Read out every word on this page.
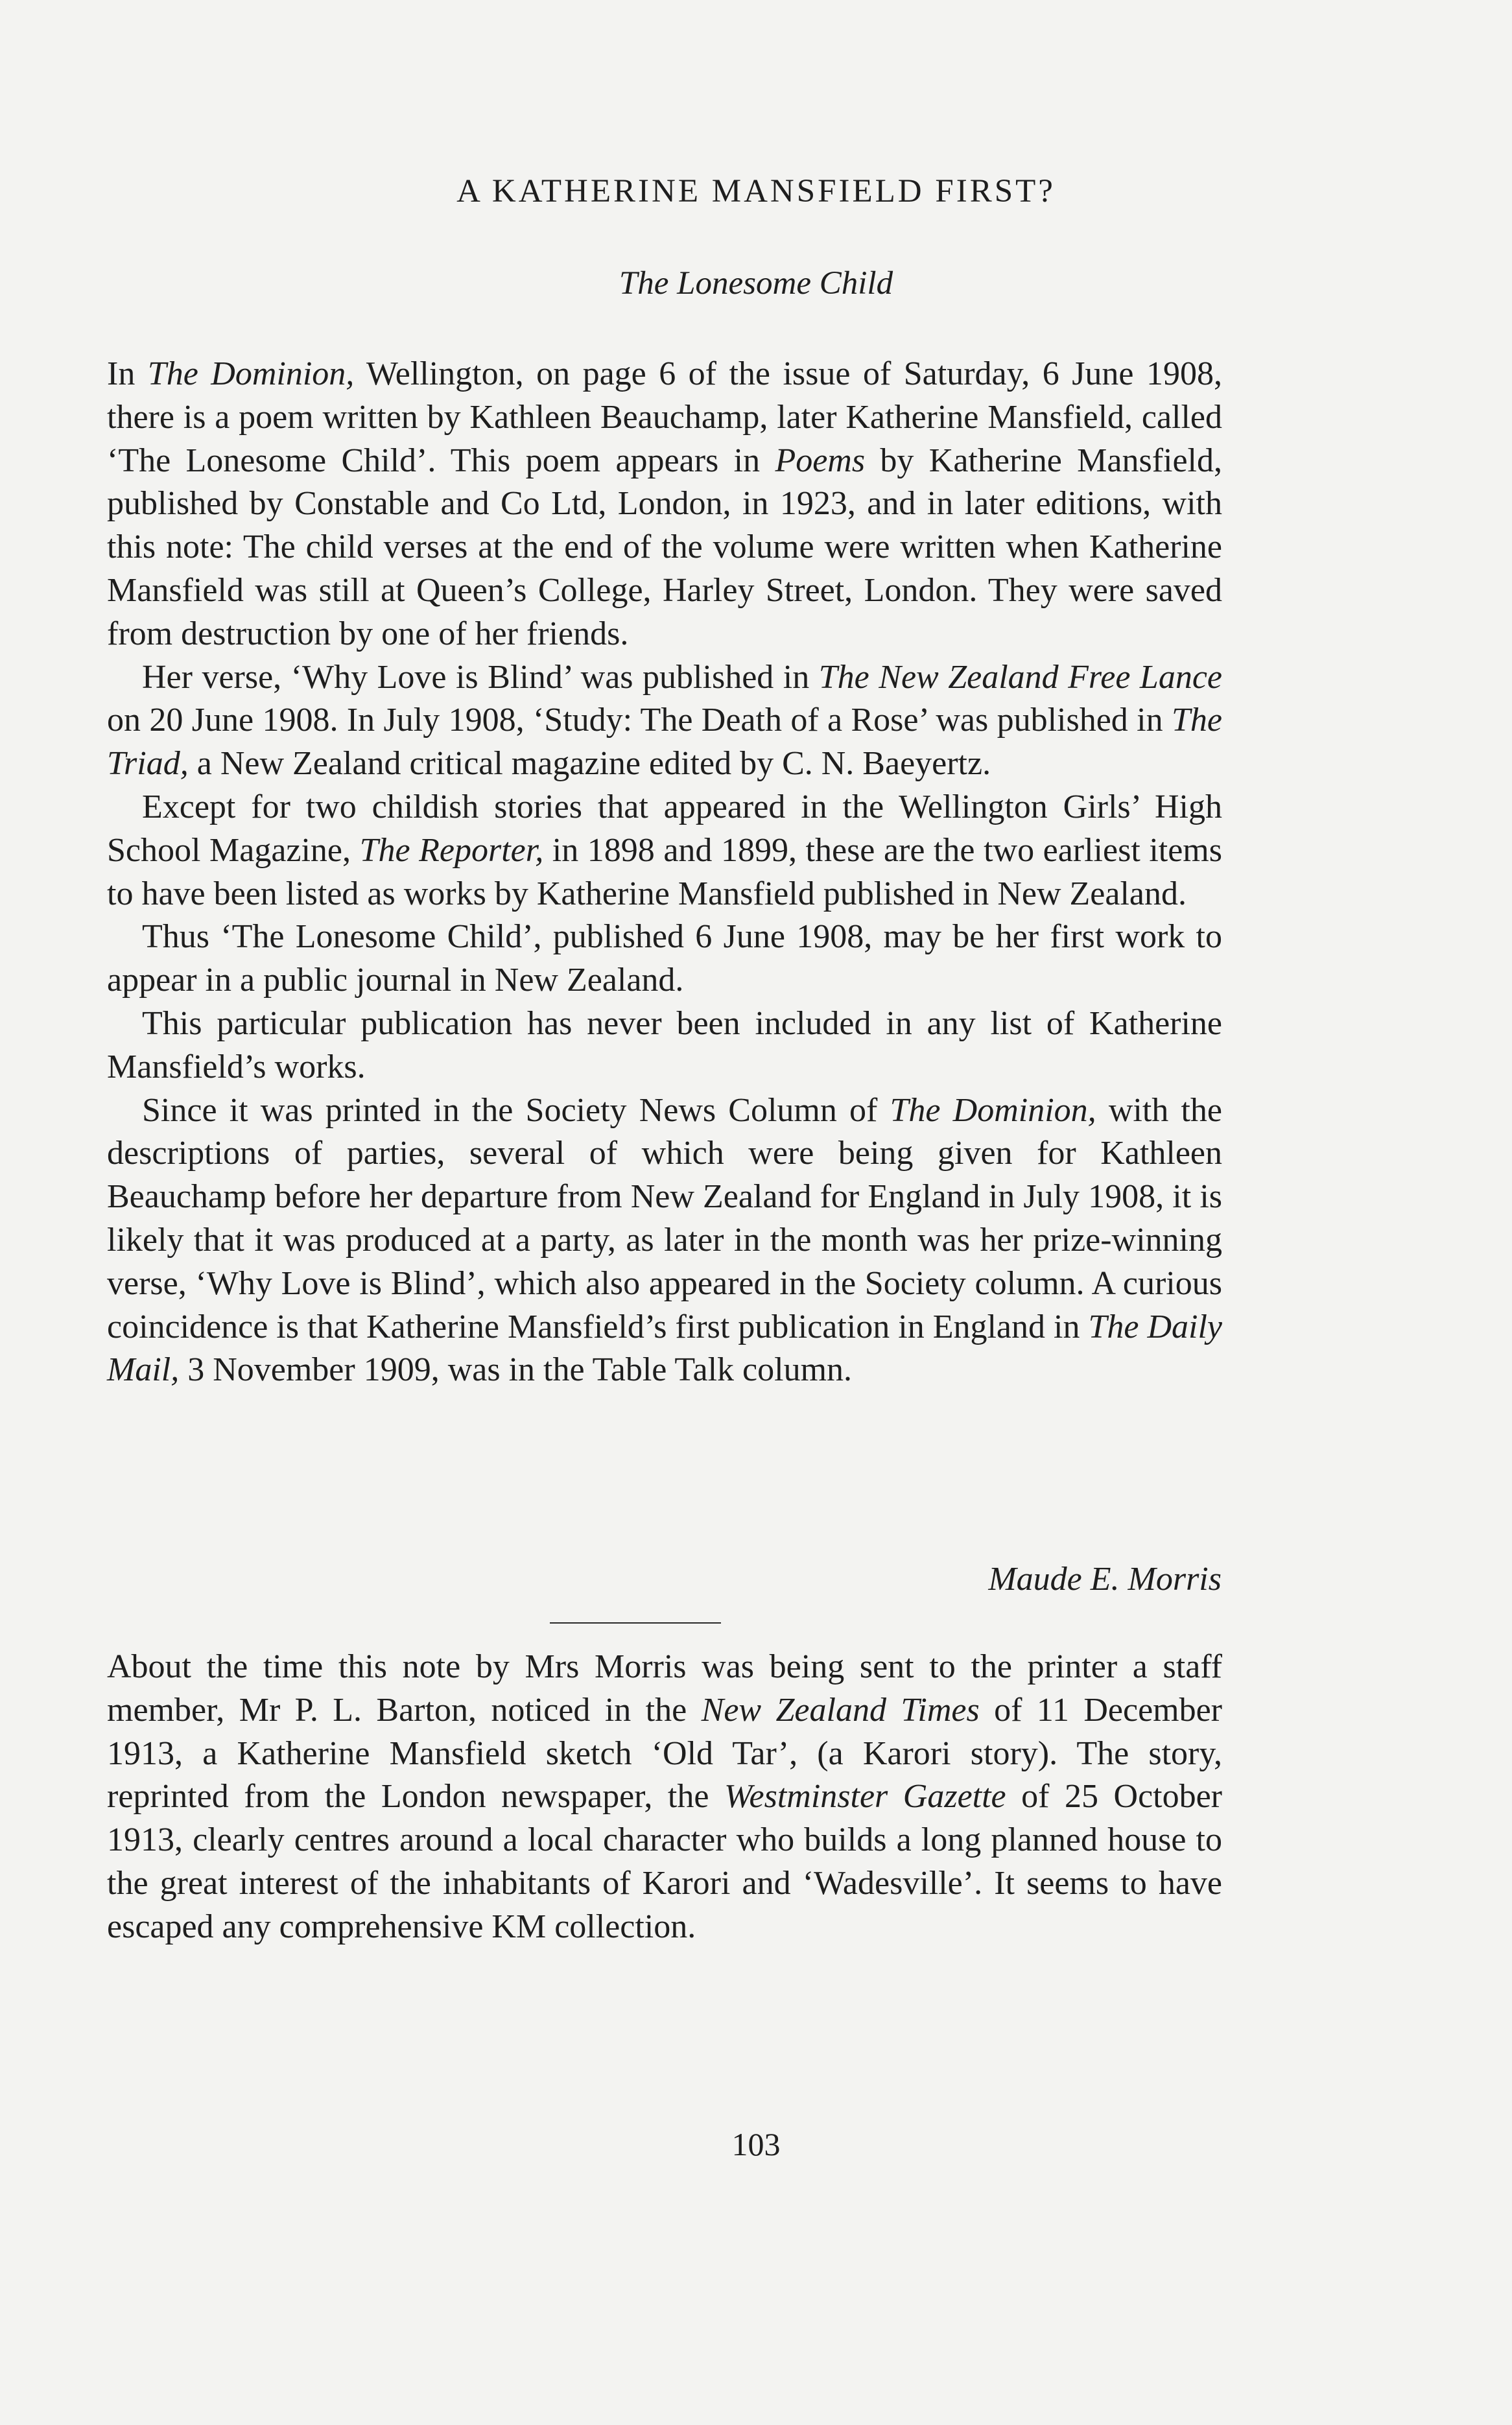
A KATHERINE MANSFIELD FIRST?
The Lonesome Child

In The Dominion, Wellington, on page 6 of the issue of Saturday, 6 June 1908, there is a poem written by Kathleen Beauchamp, later Katherine Mansfield, called ‘The Lonesome Child’. This poem appears in Poems by Katherine Mansfield, published by Constable and Co Ltd, London, in 1923, and in later editions, with this note: The child verses at the end of the volume were written when Katherine Mansfield was still at Queen’s College, Harley Street, London. They were saved from destruction by one of her friends.

Her verse, ‘Why Love is Blind’ was published in The New Zealand Free Lance on 20 June 1908. In July 1908, ‘Study: The Death of a Rose’ was published in The Triad, a New Zealand critical magazine edited by C. N. Baeyertz.

Except for two childish stories that appeared in the Wellington Girls’ High School Magazine, The Reporter, in 1898 and 1899, these are the two earliest items to have been listed as works by Katherine Mansfield published in New Zealand.

Thus ‘The Lonesome Child’, published 6 June 1908, may be her first work to appear in a public journal in New Zealand.

This particular publication has never been included in any list of Katherine Mansfield’s works.

Since it was printed in the Society News Column of The Dominion, with the descriptions of parties, several of which were being given for Kathleen Beauchamp before her departure from New Zealand for England in July 1908, it is likely that it was produced at a party, as later in the month was her prize-winning verse, ‘Why Love is Blind’, which also appeared in the Society column. A curious coincidence is that Katherine Mansfield’s first publication in England in The Daily Mail, 3 November 1909, was in the Table Talk column.

Maude E. Morris

About the time this note by Mrs Morris was being sent to the printer a staff member, Mr P. L. Barton, noticed in the New Zealand Times of 11 December 1913, a Katherine Mansfield sketch ‘Old Tar’, (a Karori story). The story, reprinted from the London newspaper, the Westminster Gazette of 25 October 1913, clearly centres around a local character who builds a long planned house to the great interest of the inhabitants of Karori and ‘Wadesville’. It seems to have escaped any comprehensive KM collection.

103
